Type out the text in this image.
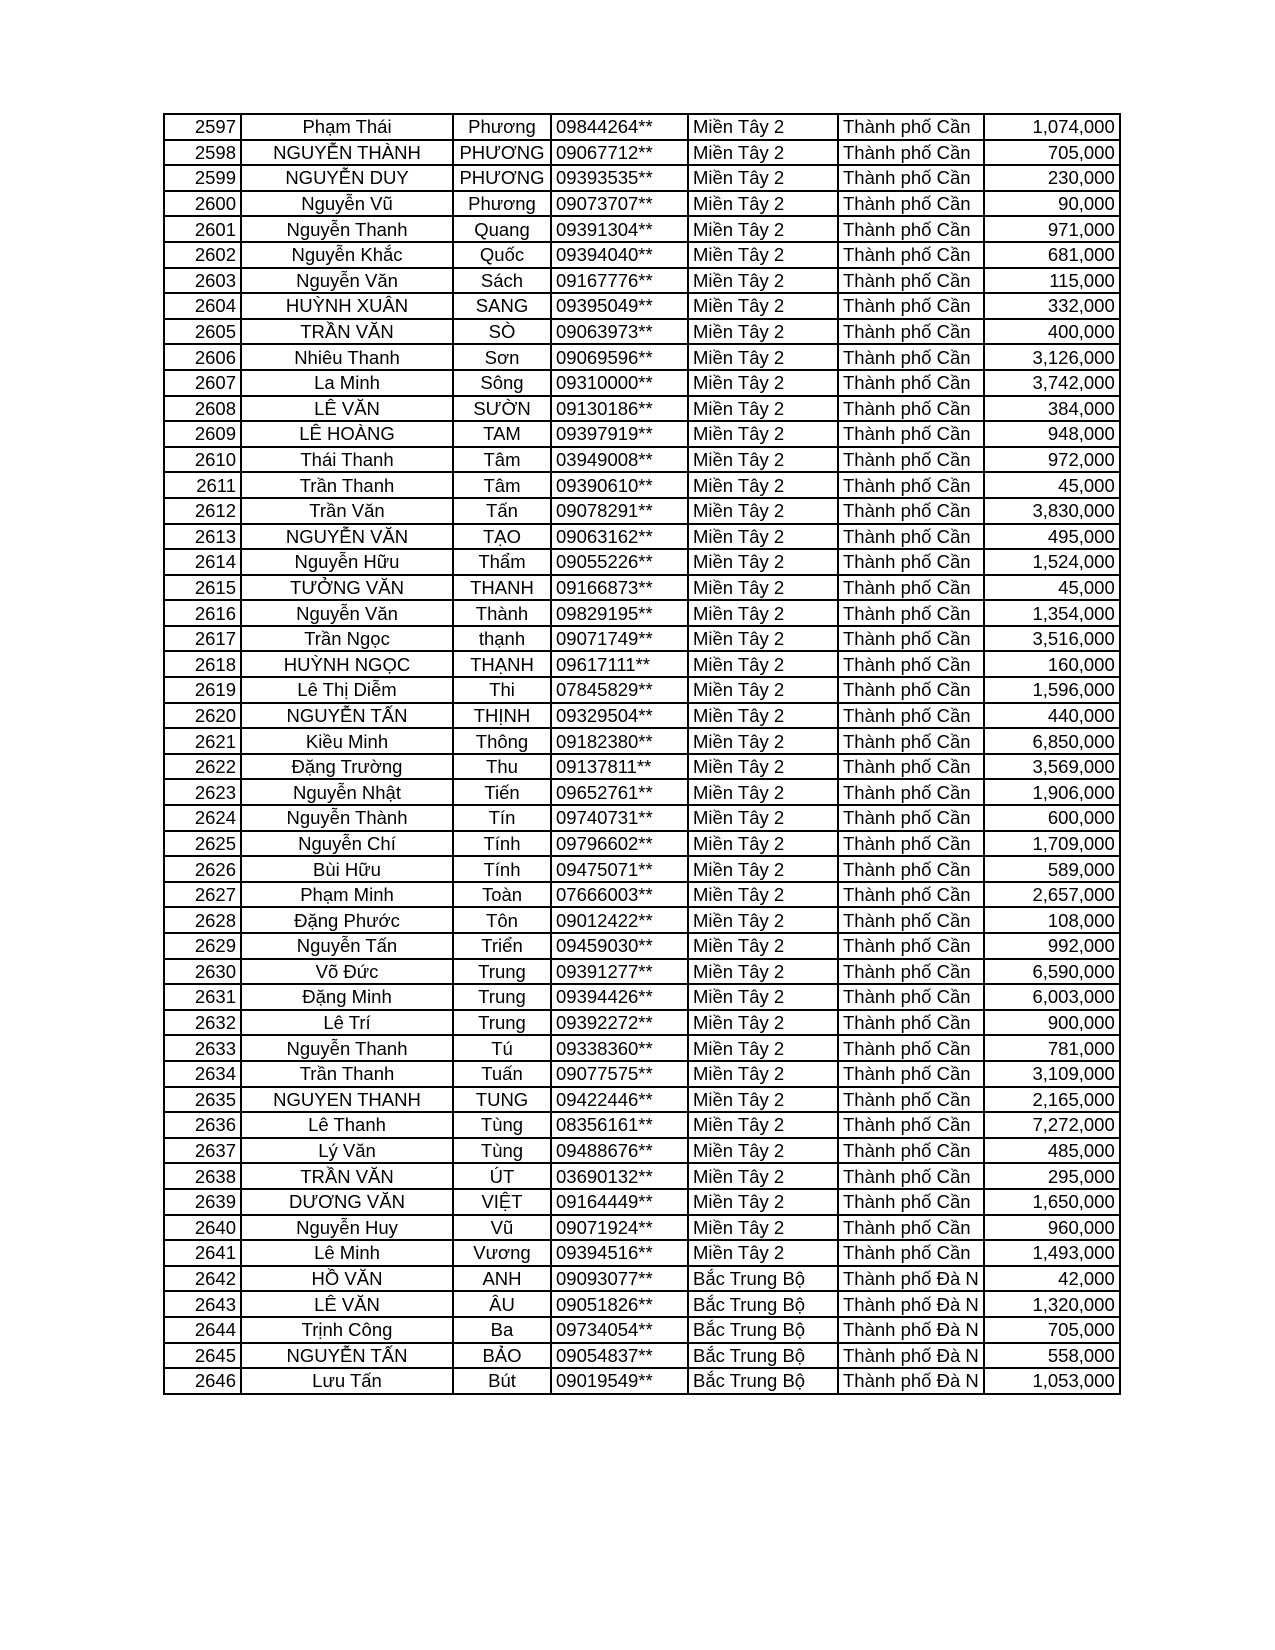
2597	Phạm Thái	Phương	09844264**	Miền Tây 2	Thành phố Cần	1,074,000
2598	NGUYỄN THÀNH	PHƯƠNG	09067712**	Miền Tây 2	Thành phố Cần	705,000
2599	NGUYỄN DUY	PHƯƠNG	09393535**	Miền Tây 2	Thành phố Cần	230,000
2600	Nguyễn Vũ	Phương	09073707**	Miền Tây 2	Thành phố Cần	90,000
2601	Nguyễn Thanh	Quang	09391304**	Miền Tây 2	Thành phố Cần	971,000
2602	Nguyễn Khắc	Quốc	09394040**	Miền Tây 2	Thành phố Cần	681,000
2603	Nguyễn Văn	Sách	09167776**	Miền Tây 2	Thành phố Cần	115,000
2604	HUỲNH XUÂN	SANG	09395049**	Miền Tây 2	Thành phố Cần	332,000
2605	TRẦN VĂN	SÒ	09063973**	Miền Tây 2	Thành phố Cần	400,000
2606	Nhiêu Thanh	Sơn	09069596**	Miền Tây 2	Thành phố Cần	3,126,000
2607	La Minh	Sông	09310000**	Miền Tây 2	Thành phố Cần	3,742,000
2608	LÊ VĂN	SƯỜN	09130186**	Miền Tây 2	Thành phố Cần	384,000
2609	LÊ HOÀNG	TAM	09397919**	Miền Tây 2	Thành phố Cần	948,000
2610	Thái Thanh	Tâm	03949008**	Miền Tây 2	Thành phố Cần	972,000
2611	Trần Thanh	Tâm	09390610**	Miền Tây 2	Thành phố Cần	45,000
2612	Trần Văn	Tấn	09078291**	Miền Tây 2	Thành phố Cần	3,830,000
2613	NGUYỄN VĂN	TẠO	09063162**	Miền Tây 2	Thành phố Cần	495,000
2614	Nguyễn Hữu	Thẩm	09055226**	Miền Tây 2	Thành phố Cần	1,524,000
2615	TƯỞNG VĂN	THANH	09166873**	Miền Tây 2	Thành phố Cần	45,000
2616	Nguyễn Văn	Thành	09829195**	Miền Tây 2	Thành phố Cần	1,354,000
2617	Trần Ngọc	thạnh	09071749**	Miền Tây 2	Thành phố Cần	3,516,000
2618	HUỲNH NGỌC	THẠNH	09617111**	Miền Tây 2	Thành phố Cần	160,000
2619	Lê Thị Diễm	Thi	07845829**	Miền Tây 2	Thành phố Cần	1,596,000
2620	NGUYỄN TẤN	THỊNH	09329504**	Miền Tây 2	Thành phố Cần	440,000
2621	Kiều Minh	Thông	09182380**	Miền Tây 2	Thành phố Cần	6,850,000
2622	Đặng Trường	Thu	09137811**	Miền Tây 2	Thành phố Cần	3,569,000
2623	Nguyễn Nhật	Tiến	09652761**	Miền Tây 2	Thành phố Cần	1,906,000
2624	Nguyễn Thành	Tín	09740731**	Miền Tây 2	Thành phố Cần	600,000
2625	Nguyễn Chí	Tính	09796602**	Miền Tây 2	Thành phố Cần	1,709,000
2626	Bùi Hữu	Tính	09475071**	Miền Tây 2	Thành phố Cần	589,000
2627	Phạm Minh	Toàn	07666003**	Miền Tây 2	Thành phố Cần	2,657,000
2628	Đặng Phước	Tôn	09012422**	Miền Tây 2	Thành phố Cần	108,000
2629	Nguyễn Tấn	Triển	09459030**	Miền Tây 2	Thành phố Cần	992,000
2630	Võ Đức	Trung	09391277**	Miền Tây 2	Thành phố Cần	6,590,000
2631	Đặng Minh	Trung	09394426**	Miền Tây 2	Thành phố Cần	6,003,000
2632	Lê Trí	Trung	09392272**	Miền Tây 2	Thành phố Cần	900,000
2633	Nguyễn Thanh	Tú	09338360**	Miền Tây 2	Thành phố Cần	781,000
2634	Trần Thanh	Tuấn	09077575**	Miền Tây 2	Thành phố Cần	3,109,000
2635	NGUYEN THANH	TUNG	09422446**	Miền Tây 2	Thành phố Cần	2,165,000
2636	Lê Thanh	Tùng	08356161**	Miền Tây 2	Thành phố Cần	7,272,000
2637	Lý Văn	Tùng	09488676**	Miền Tây 2	Thành phố Cần	485,000
2638	TRẦN VĂN	ÚT	03690132**	Miền Tây 2	Thành phố Cần	295,000
2639	DƯƠNG VĂN	VIỆT	09164449**	Miền Tây 2	Thành phố Cần	1,650,000
2640	Nguyễn Huy	Vũ	09071924**	Miền Tây 2	Thành phố Cần	960,000
2641	Lê Minh	Vương	09394516**	Miền Tây 2	Thành phố Cần	1,493,000
2642	HỒ VĂN	ANH	09093077**	Bắc Trung Bộ	Thành phố Đà N	42,000
2643	LÊ VĂN	ÂU	09051826**	Bắc Trung Bộ	Thành phố Đà N	1,320,000
2644	Trịnh Công	Ba	09734054**	Bắc Trung Bộ	Thành phố Đà N	705,000
2645	NGUYỄN TẤN	BẢO	09054837**	Bắc Trung Bộ	Thành phố Đà N	558,000
2646	Lưu Tấn	Bút	09019549**	Bắc Trung Bộ	Thành phố Đà N	1,053,000
